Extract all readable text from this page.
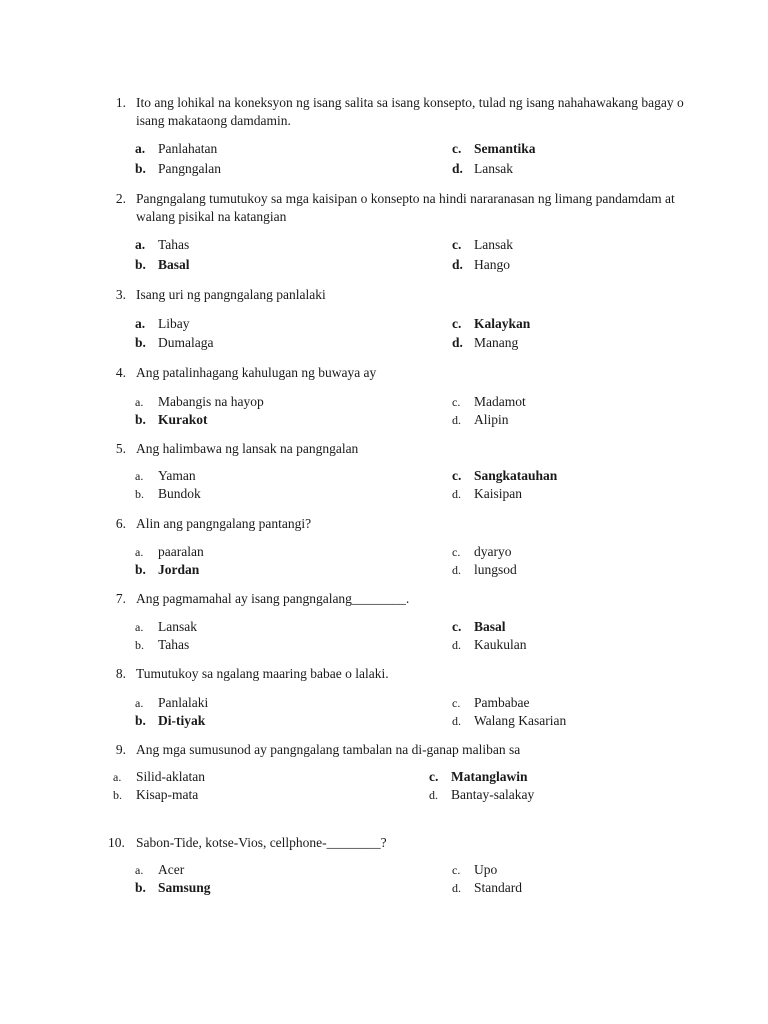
1. Ito ang lohikal na koneksyon ng isang salita sa isang konsepto, tulad ng isang nahahawakang bagay o isang makataong damdamin.
a. Panlahatan
b. Pangngalan
c. Semantika
d. Lansak
2. Pangngalang tumutukoy sa mga kaisipan o konsepto na hindi nararanasan ng limang pandamdam at walang pisikal na katangian
a. Tahas
b. Basal
c. Lansak
d. Hango
3. Isang uri ng pangngalang panlalaki
a. Libay
b. Dumalaga
c. Kalaykan
d. Manang
4. Ang patalinhagang kahulugan ng buwaya ay
a. Mabangis na hayop
b. Kurakot
c. Madamot
d. Alipin
5. Ang halimbawa ng lansak na pangngalan
a. Yaman
b. Bundok
c. Sangkatauhan
d. Kaisipan
6. Alin ang pangngalang pantangi?
a. paaralan
b. Jordan
c. dyaryo
d. lungsod
7. Ang pagmamahal ay isang pangngalang________.
a. Lansak
b. Tahas
c. Basal
d. Kaukulan
8. Tumutukoy sa ngalang maaring babae o lalaki.
a. Panlalaki
b. Di-tiyak
c. Pambabae
d. Walang Kasarian
9. Ang mga sumusunod ay pangngalang tambalan na di-ganap maliban sa
a. Silid-aklatan
b. Kisap-mata
c. Matanglawin
d. Bantay-salakay
10. Sabon-Tide, kotse-Vios, cellphone-________?
a. Acer
b. Samsung
c. Upo
d. Standard
